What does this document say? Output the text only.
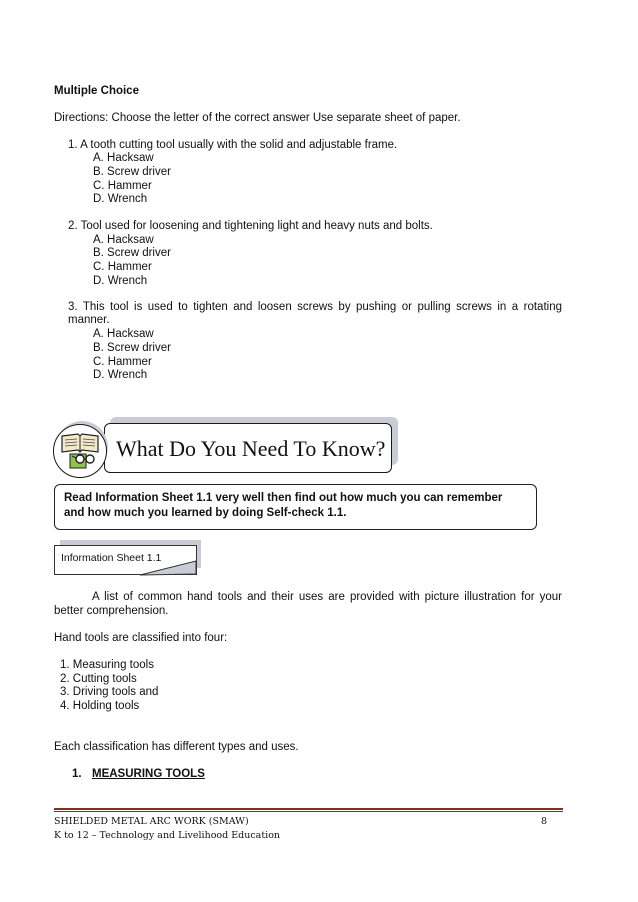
Multiple Choice
Directions: Choose the letter of the correct answer Use separate sheet of paper.
1. A tooth cutting tool usually with the solid and adjustable frame.
A. Hacksaw
B. Screw driver
C. Hammer
D. Wrench
2. Tool used for loosening and tightening light and heavy nuts and bolts.
A. Hacksaw
B. Screw driver
C. Hammer
D. Wrench
3. This tool is used to tighten and loosen screws by pushing or pulling screws in a rotating
manner.
A. Hacksaw
B. Screw driver
C. Hammer
D. Wrench
What Do You Need To Know?
Read Information Sheet 1.1 very well then find out how much you can remember
and how much you learned by doing Self-check 1.1.
Information Sheet 1.1
A list of common hand tools and their uses are provided with picture illustration for your
better comprehension.
Hand tools are classified into four:
1. Measuring tools
2. Cutting tools
3. Driving tools and
4. Holding tools
Each classification has different types and uses.
1. MEASURING TOOLS
SHIELDED METAL ARC WORK (SMAW)
K to 12 – Technology and Livelihood Education
8
